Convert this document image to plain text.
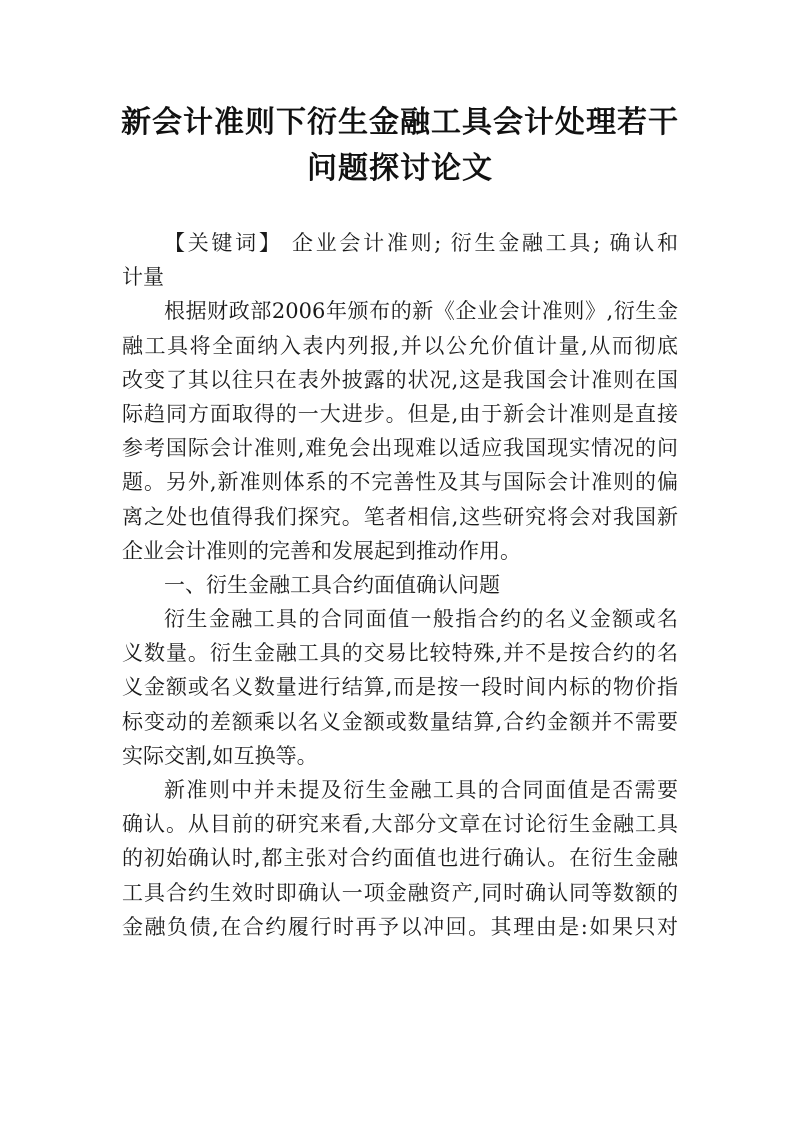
新会计准则下衍生金融工具会计处理若干
问题探讨论文
【关键词】 企业会计准则; 衍生金融工具; 确认和
计量
根据财政部2006年颁布的新《企业会计准则》,衍生金
融工具将全面纳入表内列报,并以公允价值计量,从而彻底
改变了其以往只在表外披露的状况,这是我国会计准则在国
际趋同方面取得的一大进步。但是,由于新会计准则是直接
参考国际会计准则,难免会出现难以适应我国现实情况的问
题。另外,新准则体系的不完善性及其与国际会计准则的偏
离之处也值得我们探究。笔者相信,这些研究将会对我国新
企业会计准则的完善和发展起到推动作用。
一、衍生金融工具合约面值确认问题
衍生金融工具的合同面值一般指合约的名义金额或名
义数量。衍生金融工具的交易比较特殊,并不是按合约的名
义金额或名义数量进行结算,而是按一段时间内标的物价指
标变动的差额乘以名义金额或数量结算,合约金额并不需要
实际交割,如互换等。
新准则中并未提及衍生金融工具的合同面值是否需要
确认。从目前的研究来看,大部分文章在讨论衍生金融工具
的初始确认时,都主张对合约面值也进行确认。在衍生金融
工具合约生效时即确认一项金融资产,同时确认同等数额的
金融负债,在合约履行时再予以冲回。其理由是:如果只对
